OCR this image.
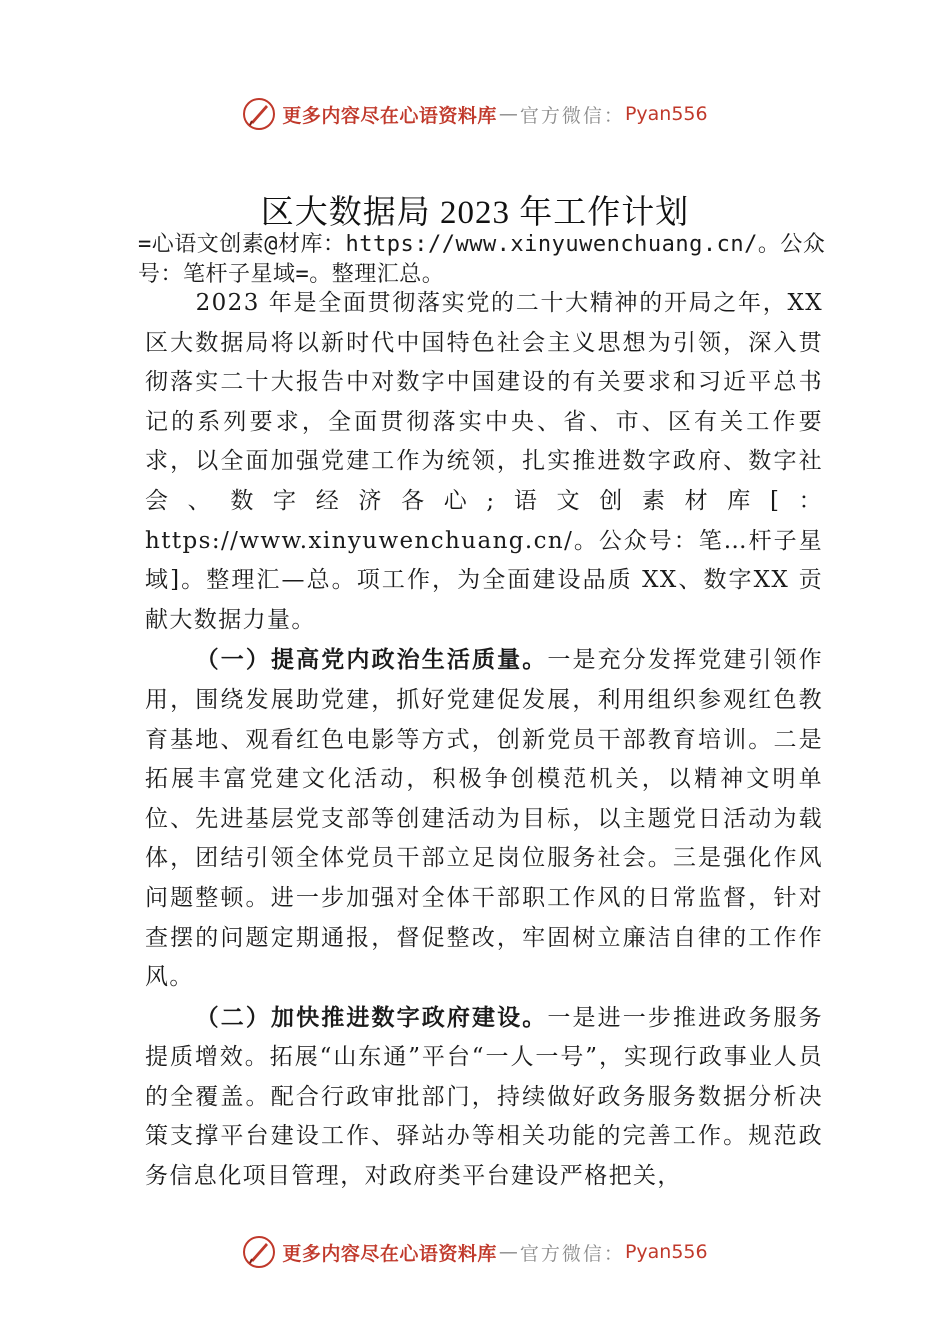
更多内容尽在心语资料库 — 官方微信： Pyan556
区大数据局 2023 年工作计划
=心语文创素@材库：https://www.xinyuwenchuang.cn/。公众号：笔杆子星域=。整理汇总。

2023 年是全面贯彻落实党的二十大精神的开局之年，XX 区大数据局将以新时代中国特色社会主义思想为引领，深入贯彻落实二十大报告中对数字中国建设的有关要求和习近平总书记的系列要求，全面贯彻落实中央、省、市、区有关工作要求，以全面加强党建工作为统领，扎实推进数字政府、数字社会、数字经济各心;语文创素材库[：https://www.xinyuwenchuang.cn/。公众号：笔…杆子星域]。整理汇—总。项工作，为全面建设品质 XX、数字XX 贡献大数据力量。

（一）提高党内政治生活质量。一是充分发挥党建引领作用，围绕发展助党建，抓好党建促发展，利用组织参观红色教育基地、观看红色电影等方式，创新党员干部教育培训。二是拓展丰富党建文化活动，积极争创模范机关，以精神文明单位、先进基层党支部等创建活动为目标，以主题党日活动为载体，团结引领全体党员干部立足岗位服务社会。三是强化作风问题整顿。进一步加强对全体干部职工作风的日常监督，针对查摆的问题定期通报，督促整改，牢固树立廉洁自律的工作作风。

（二）加快推进数字政府建设。一是进一步推进政务服务提质增效。拓展“山东通”平台“一人一号”，实现行政事业人员的全覆盖。配合行政审批部门，持续做好政务服务数据分析决策支撑平台建设工作、驿站办等相关功能的完善工作。规范政务信息化项目管理，对政府类平台建设严格把关，

更多内容尽在心语资料库 — 官方微信： Pyan556
